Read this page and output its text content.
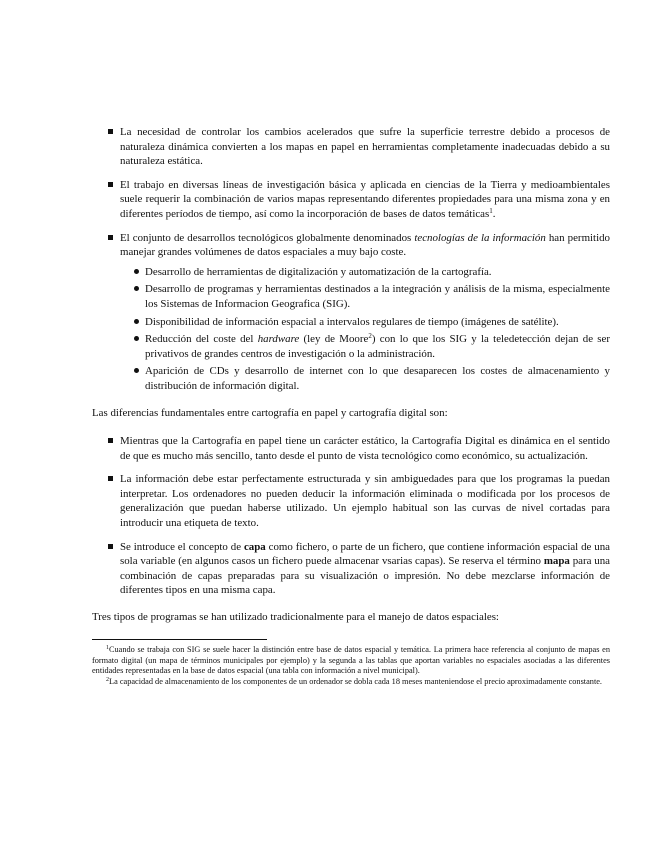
La necesidad de controlar los cambios acelerados que sufre la superficie terrestre debido a procesos de naturaleza dinámica convierten a los mapas en papel en herramientas completamente inadecuadas debido a su naturaleza estática.
El trabajo en diversas líneas de investigación básica y aplicada en ciencias de la Tierra y medioambientales suele requerir la combinación de varios mapas representando diferentes propiedades para una misma zona y en diferentes períodos de tiempo, así como la incorporación de bases de datos temáticas$^1$.
El conjunto de desarrollos tecnológicos globalmente denominados tecnologías de la información han permitido manejar grandes volúmenes de datos espaciales a muy bajo coste.
Desarrollo de herramientas de digitalización y automatización de la cartografía.
Desarrollo de programas y herramientas destinados a la integración y análisis de la misma, especialmente los Sistemas de Informacion Geografica (SIG).
Disponibilidad de información espacial a intervalos regulares de tiempo (imágenes de satélite).
Reducción del coste del hardware (ley de Moore$^2$) con lo que los SIG y la teledetección dejan de ser privativos de grandes centros de investigación o la administración.
Aparición de CDs y desarrollo de internet con lo que desaparecen los costes de almacenamiento y distribución de información digital.

Las diferencias fundamentales entre cartografía en papel y cartografía digital son:

Mientras que la Cartografía en papel tiene un carácter estático, la Cartografía Digital es dinámica en el sentido de que es mucho más sencillo, tanto desde el punto de vista tecnológico como económico, su actualización.
La información debe estar perfectamente estructurada y sin ambiguedades para que los programas la puedan interpretar. Los ordenadores no pueden deducir la información eliminada o modificada por los procesos de generalización que puedan haberse utilizado. Un ejemplo habitual son las curvas de nivel cortadas para introducir una etiqueta de texto.
Se introduce el concepto de capa como fichero, o parte de un fichero, que contiene información espacial de una sola variable (en algunos casos un fichero puede almacenar vsarias capas). Se reserva el término mapa para una combinación de capas preparadas para su visualización o impresión. No debe mezclarse información de diferentes tipos en una misma capa.

Tres tipos de programas se han utilizado tradicionalmente para el manejo de datos espaciales:

$^1$Cuando se trabaja con SIG se suele hacer la distinción entre base de datos espacial y temática. La primera hace referencia al conjunto de mapas en formato digital (un mapa de términos municipales por ejemplo) y la segunda a las tablas que aportan variables no espaciales asociadas a las diferentes entidades representadas en la base de datos espacial (una tabla con información a nivel municipal).

$^2$La capacidad de almacenamiento de los componentes de un ordenador se dobla cada 18 meses manteniendose el precio aproximadamente constante.
